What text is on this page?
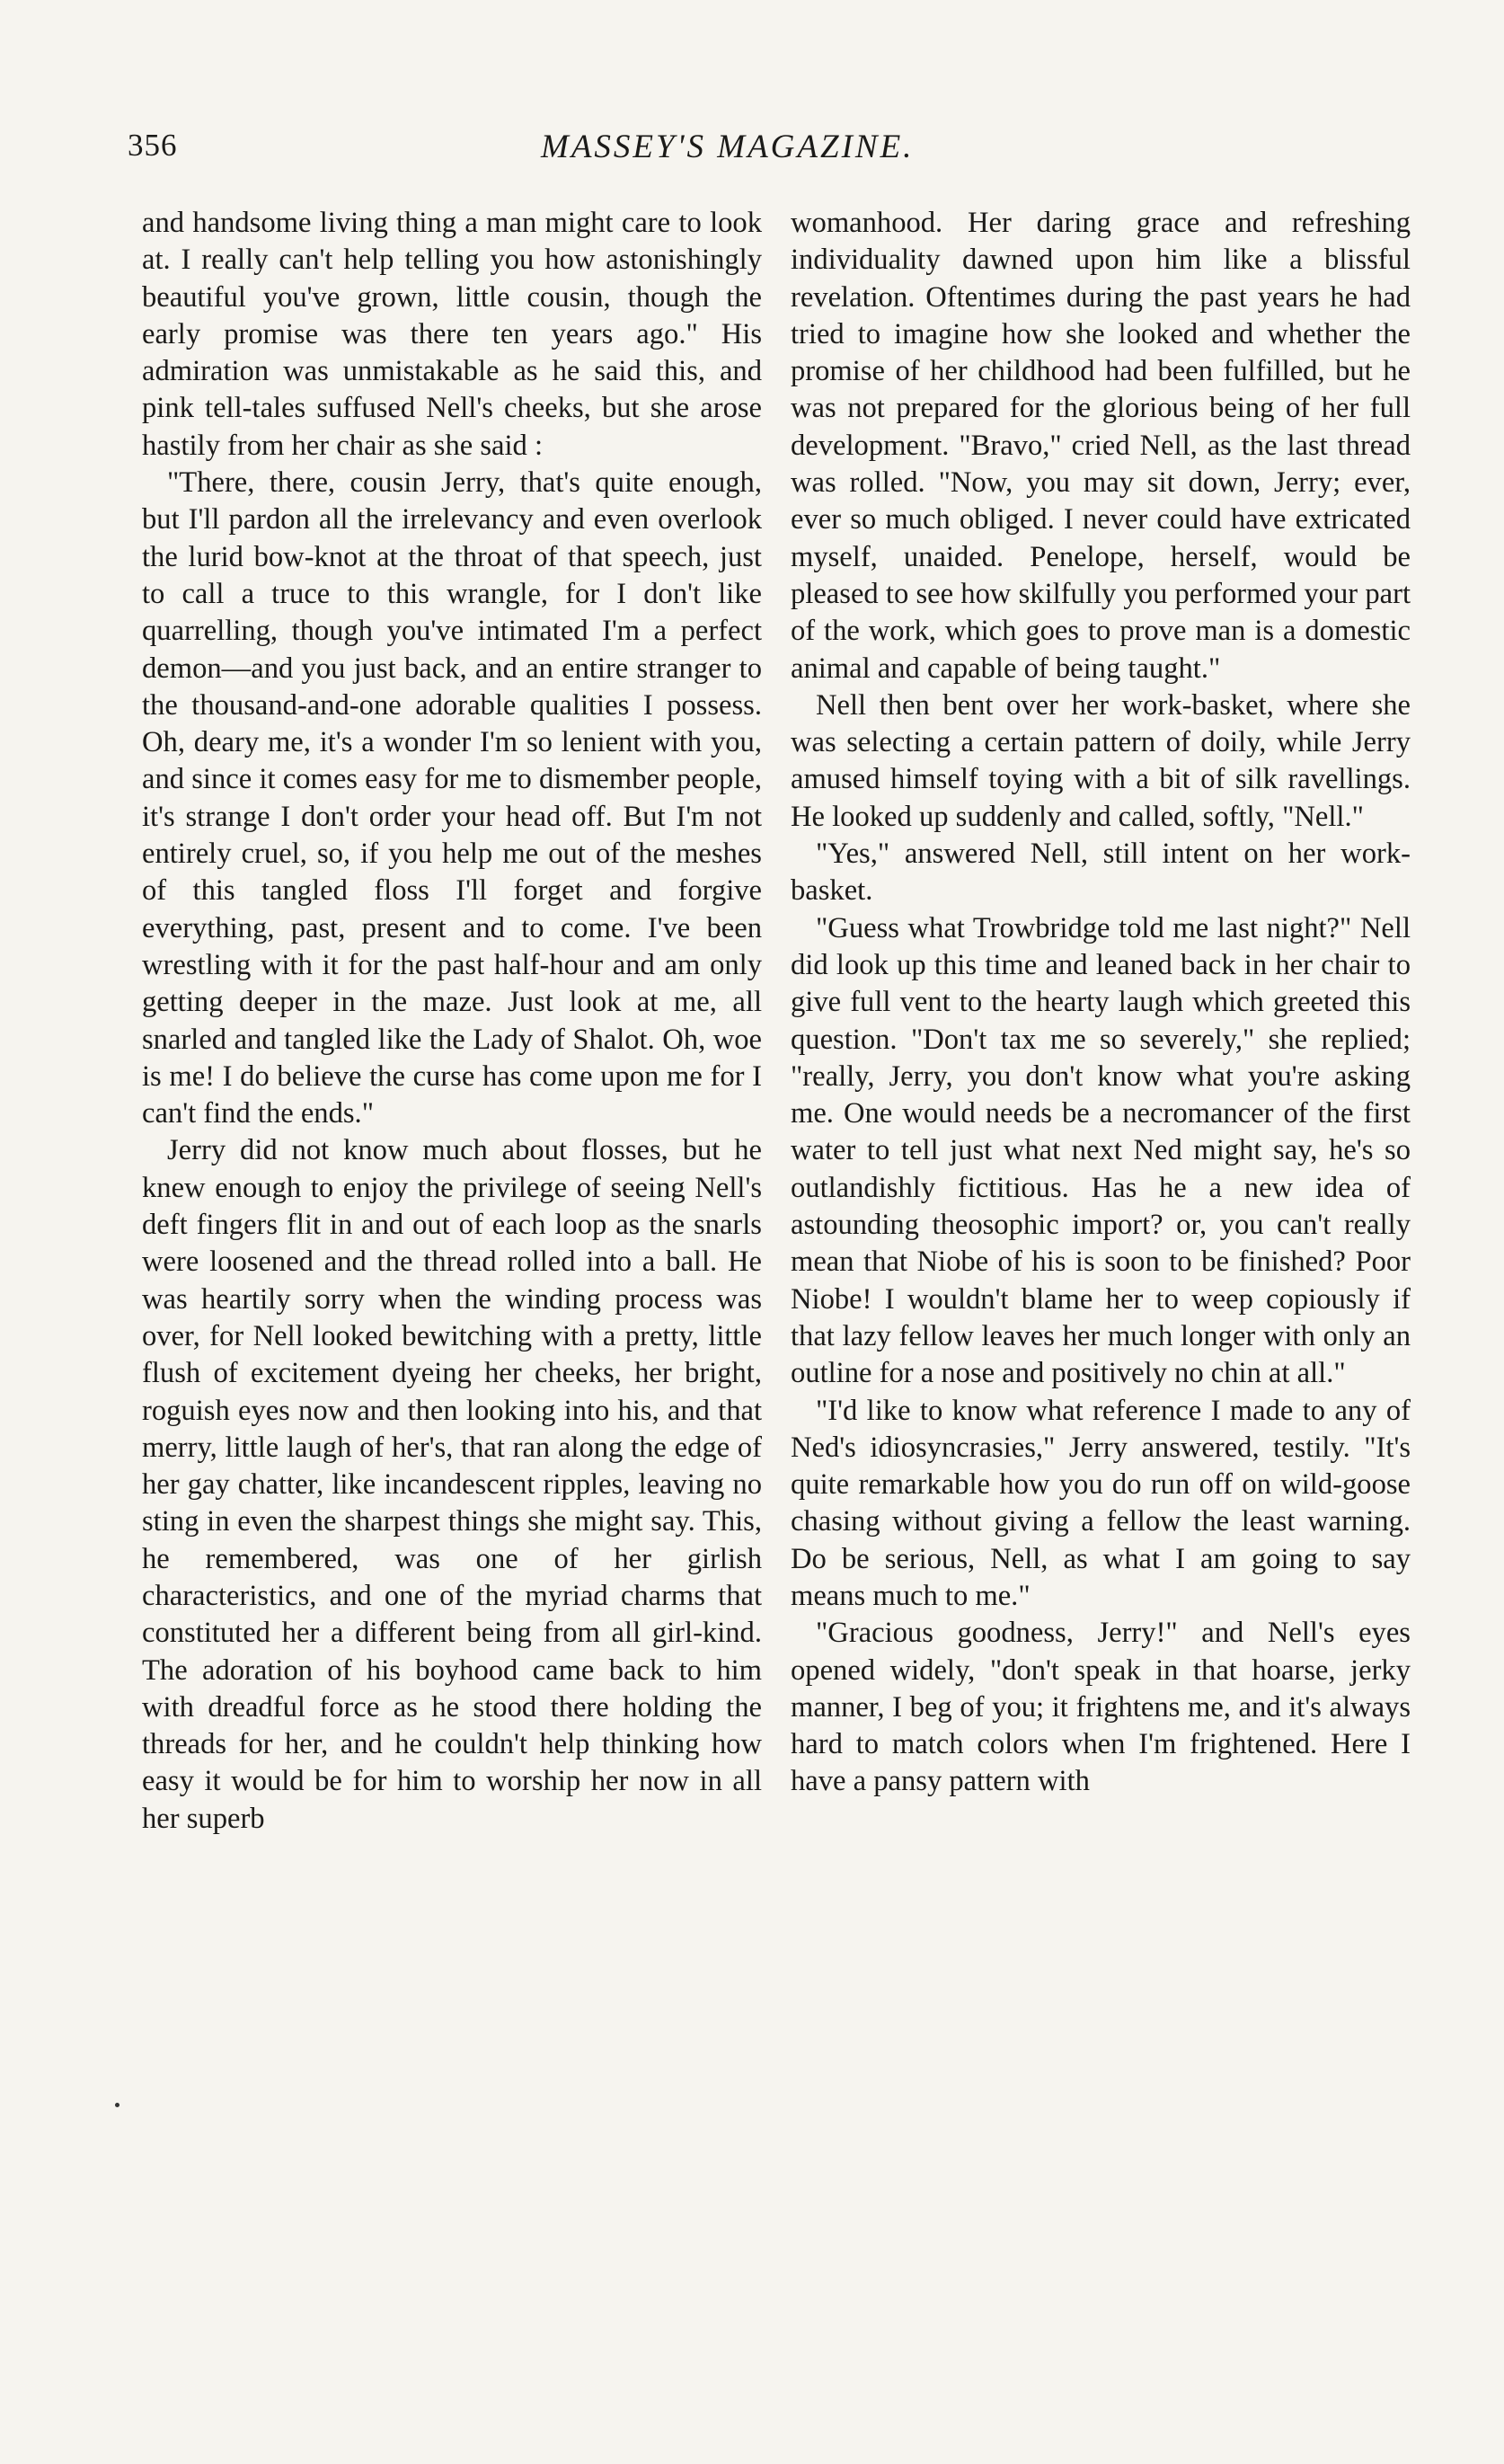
356	MASSEY'S MAGAZINE.

and handsome living thing a man might care to look at. I really can't help telling you how astonishingly beautiful you've grown, little cousin, though the early promise was there ten years ago." His admiration was unmistakable as he said this, and pink tell-tales suffused Nell's cheeks, but she arose hastily from her chair as she said :

"There, there, cousin Jerry, that's quite enough, but I'll pardon all the irrelevancy and even overlook the lurid bow-knot at the throat of that speech, just to call a truce to this wrangle, for I don't like quarrelling, though you've intimated I'm a perfect demon—and you just back, and an entire stranger to the thousand-and-one adorable qualities I possess. Oh, deary me, it's a wonder I'm so lenient with you, and since it comes easy for me to dismember people, it's strange I don't order your head off. But I'm not entirely cruel, so, if you help me out of the meshes of this tangled floss I'll forget and forgive everything, past, present and to come. I've been wrestling with it for the past half-hour and am only getting deeper in the maze. Just look at me, all snarled and tangled like the Lady of Shalot. Oh, woe is me! I do believe the curse has come upon me for I can't find the ends."

Jerry did not know much about flosses, but he knew enough to enjoy the privilege of seeing Nell's deft fingers flit in and out of each loop as the snarls were loosened and the thread rolled into a ball. He was heartily sorry when the winding process was over, for Nell looked bewitching with a pretty, little flush of excitement dyeing her cheeks, her bright, roguish eyes now and then looking into his, and that merry, little laugh of her's, that ran along the edge of her gay chatter, like incandescent ripples, leaving no sting in even the sharpest things she might say. This, he remembered, was one of her girlish characteristics, and one of the myriad charms that constituted her a different being from all girl-kind. The adoration of his boyhood came back to him with dreadful force as he stood there holding the threads for her, and he couldn't help thinking how easy it would be for him to worship her now in all her superb

womanhood. Her daring grace and refreshing individuality dawned upon him like a blissful revelation. Oftentimes during the past years he had tried to imagine how she looked and whether the promise of her childhood had been fulfilled, but he was not prepared for the glorious being of her full development. "Bravo," cried Nell, as the last thread was rolled. "Now, you may sit down, Jerry; ever, ever so much obliged. I never could have extricated myself, unaided. Penelope, herself, would be pleased to see how skilfully you performed your part of the work, which goes to prove man is a domestic animal and capable of being taught."

Nell then bent over her work-basket, where she was selecting a certain pattern of doily, while Jerry amused himself toying with a bit of silk ravellings. He looked up suddenly and called, softly, "Nell."

"Yes," answered Nell, still intent on her work-basket.

"Guess what Trowbridge told me last night?" Nell did look up this time and leaned back in her chair to give full vent to the hearty laugh which greeted this question. "Don't tax me so severely," she replied; "really, Jerry, you don't know what you're asking me. One would needs be a necromancer of the first water to tell just what next Ned might say, he's so outlandishly fictitious. Has he a new idea of astounding theosophic import? or, you can't really mean that Niobe of his is soon to be finished? Poor Niobe! I wouldn't blame her to weep copiously if that lazy fellow leaves her much longer with only an outline for a nose and positively no chin at all."

"I'd like to know what reference I made to any of Ned's idiosyncrasies," Jerry answered, testily. "It's quite remarkable how you do run off on wild-goose chasing without giving a fellow the least warning. Do be serious, Nell, as what I am going to say means much to me."

"Gracious goodness, Jerry!" and Nell's eyes opened widely, "don't speak in that hoarse, jerky manner, I beg of you; it frightens me, and it's always hard to match colors when I'm frightened. Here I have a pansy pattern with
